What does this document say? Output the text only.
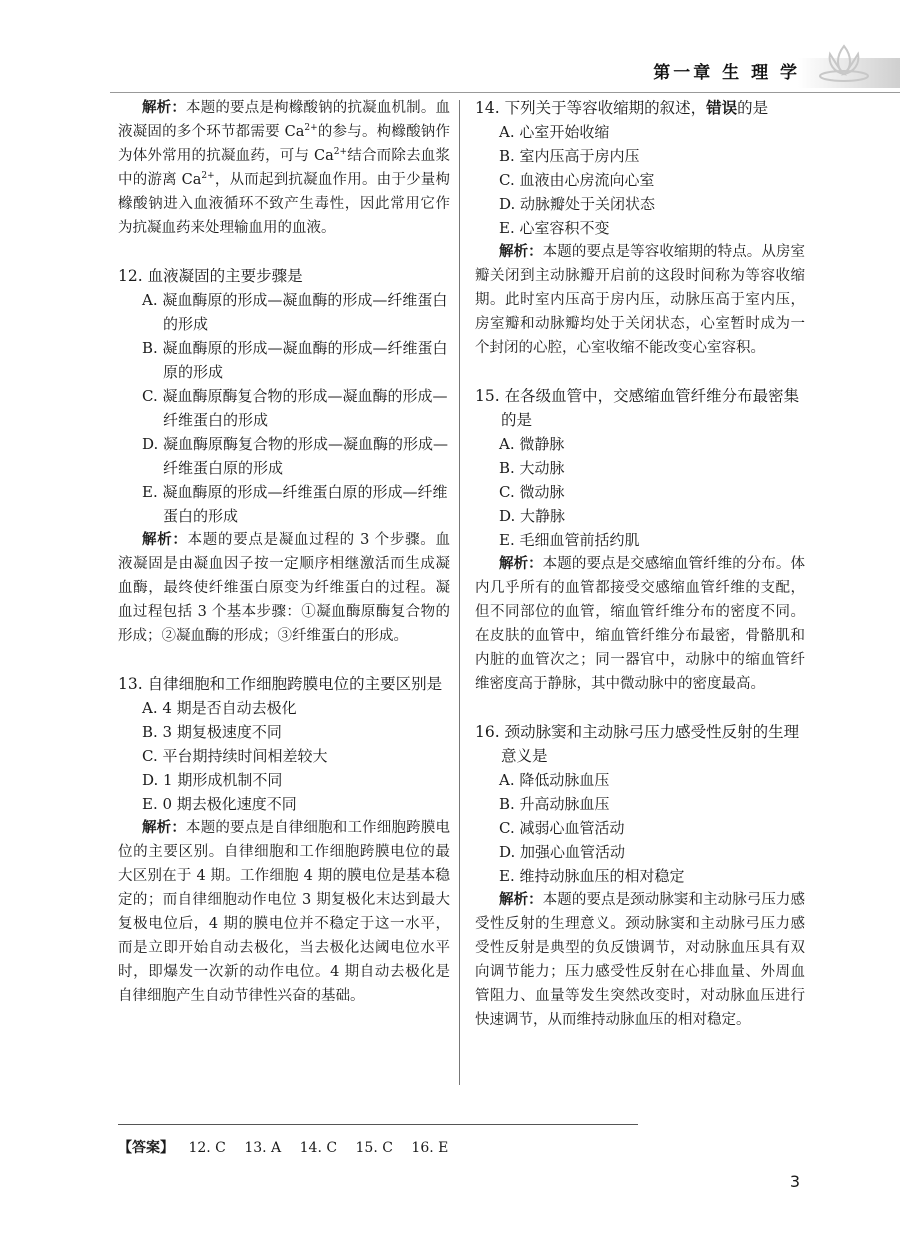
第一章 生 理 学

解析：本题的要点是枸橼酸钠的抗凝血机制。血液凝固的多个环节都需要 $Ca^{2+}$的参与。枸橼酸钠作为体外常用的抗凝血药，可与 $Ca^{2+}$结合而除去血浆中的游离 $Ca^{2+}$，从而起到抗凝血作用。由于少量枸橼酸钠进入血液循环不致产生毒性，因此常用它作为抗凝血药来处理输血用的血液。

12. 血液凝固的主要步骤是

A. 凝血酶原的形成—凝血酶的形成—纤维蛋白的形成
B. 凝血酶原的形成—凝血酶的形成—纤维蛋白原的形成
C. 凝血酶原酶复合物的形成—凝血酶的形成—纤维蛋白的形成
D. 凝血酶原酶复合物的形成—凝血酶的形成—纤维蛋白原的形成
E. 凝血酶原的形成—纤维蛋白原的形成—纤维蛋白的形成

解析：本题的要点是凝血过程的 3 个步骤。血液凝固是由凝血因子按一定顺序相继激活而生成凝血酶，最终使纤维蛋白原变为纤维蛋白的过程。凝血过程包括 3 个基本步骤：①凝血酶原酶复合物的形成；②凝血酶的形成；③纤维蛋白的形成。

13. 自律细胞和工作细胞跨膜电位的主要区别是

A. 4 期是否自动去极化
B. 3 期复极速度不同
C. 平台期持续时间相差较大
D. 1 期形成机制不同
E. 0 期去极化速度不同

解析：本题的要点是自律细胞和工作细胞跨膜电位的主要区别。自律细胞和工作细胞跨膜电位的最大区别在于 4 期。工作细胞 4 期的膜电位是基本稳定的；而自律细胞动作电位 3 期复极化末达到最大复极电位后，4 期的膜电位并不稳定于这一水平，而是立即开始自动去极化，当去极化达阈电位水平时，即爆发一次新的动作电位。4 期自动去极化是自律细胞产生自动节律性兴奋的基础。

14. 下列关于等容收缩期的叙述，错误的是

A. 心室开始收缩
B. 室内压高于房内压
C. 血液由心房流向心室
D. 动脉瓣处于关闭状态
E. 心室容积不变

解析：本题的要点是等容收缩期的特点。从房室瓣关闭到主动脉瓣开启前的这段时间称为等容收缩期。此时室内压高于房内压，动脉压高于室内压，房室瓣和动脉瓣均处于关闭状态，心室暂时成为一个封闭的心腔，心室收缩不能改变心室容积。

15. 在各级血管中，交感缩血管纤维分布最密集的是

A. 微静脉
B. 大动脉
C. 微动脉
D. 大静脉
E. 毛细血管前括约肌

解析：本题的要点是交感缩血管纤维的分布。体内几乎所有的血管都接受交感缩血管纤维的支配，但不同部位的血管，缩血管纤维分布的密度不同。在皮肤的血管中，缩血管纤维分布最密，骨骼肌和内脏的血管次之；同一器官中，动脉中的缩血管纤维密度高于静脉，其中微动脉中的密度最高。

16. 颈动脉窦和主动脉弓压力感受性反射的生理意义是

A. 降低动脉血压
B. 升高动脉血压
C. 减弱心血管活动
D. 加强心血管活动
E. 维持动脉血压的相对稳定

解析：本题的要点是颈动脉窦和主动脉弓压力感受性反射的生理意义。颈动脉窦和主动脉弓压力感受性反射是典型的负反馈调节，对动脉血压具有双向调节能力；压力感受性反射在心排血量、外周血管阻力、血量等发生突然改变时，对动脉血压进行快速调节，从而维持动脉血压的相对稳定。

【答案】 12. C 13. A 14. C 15. C 16. E
3
